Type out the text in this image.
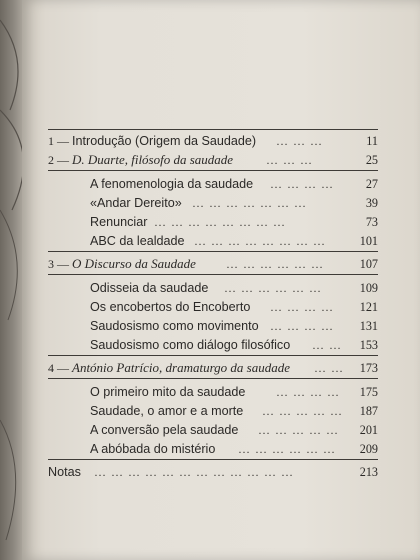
1 — Introdução (Origem da Saudade) … … …	11
2 — D. Duarte, filósofo da saudade	… … …	25
A fenomenologia da saudade … … … …	27
«Andar Dereito» … … … … … … …	39
Renunciar … … … … … … … …	73
ABC da lealdade … … … … … … … …	101
3 — O Discurso da Saudade	… … … … … …	107
Odisseia da saudade … … … … … …	109
Os encobertos do Encoberto … … … …	121
Saudosismo como movimento … … … …	131
Saudosismo como diálogo filosófico … …	153
4 — António Patrício, dramaturgo da saudade … …	173
O primeiro mito da saudade	… … … …	175
Saudade, o amor e a morte … … … … …	187
A conversão pela saudade … … … … …	201
A abóbada do mistério … … … … … …	209
Notas … … … … … … … … … … … …	213
